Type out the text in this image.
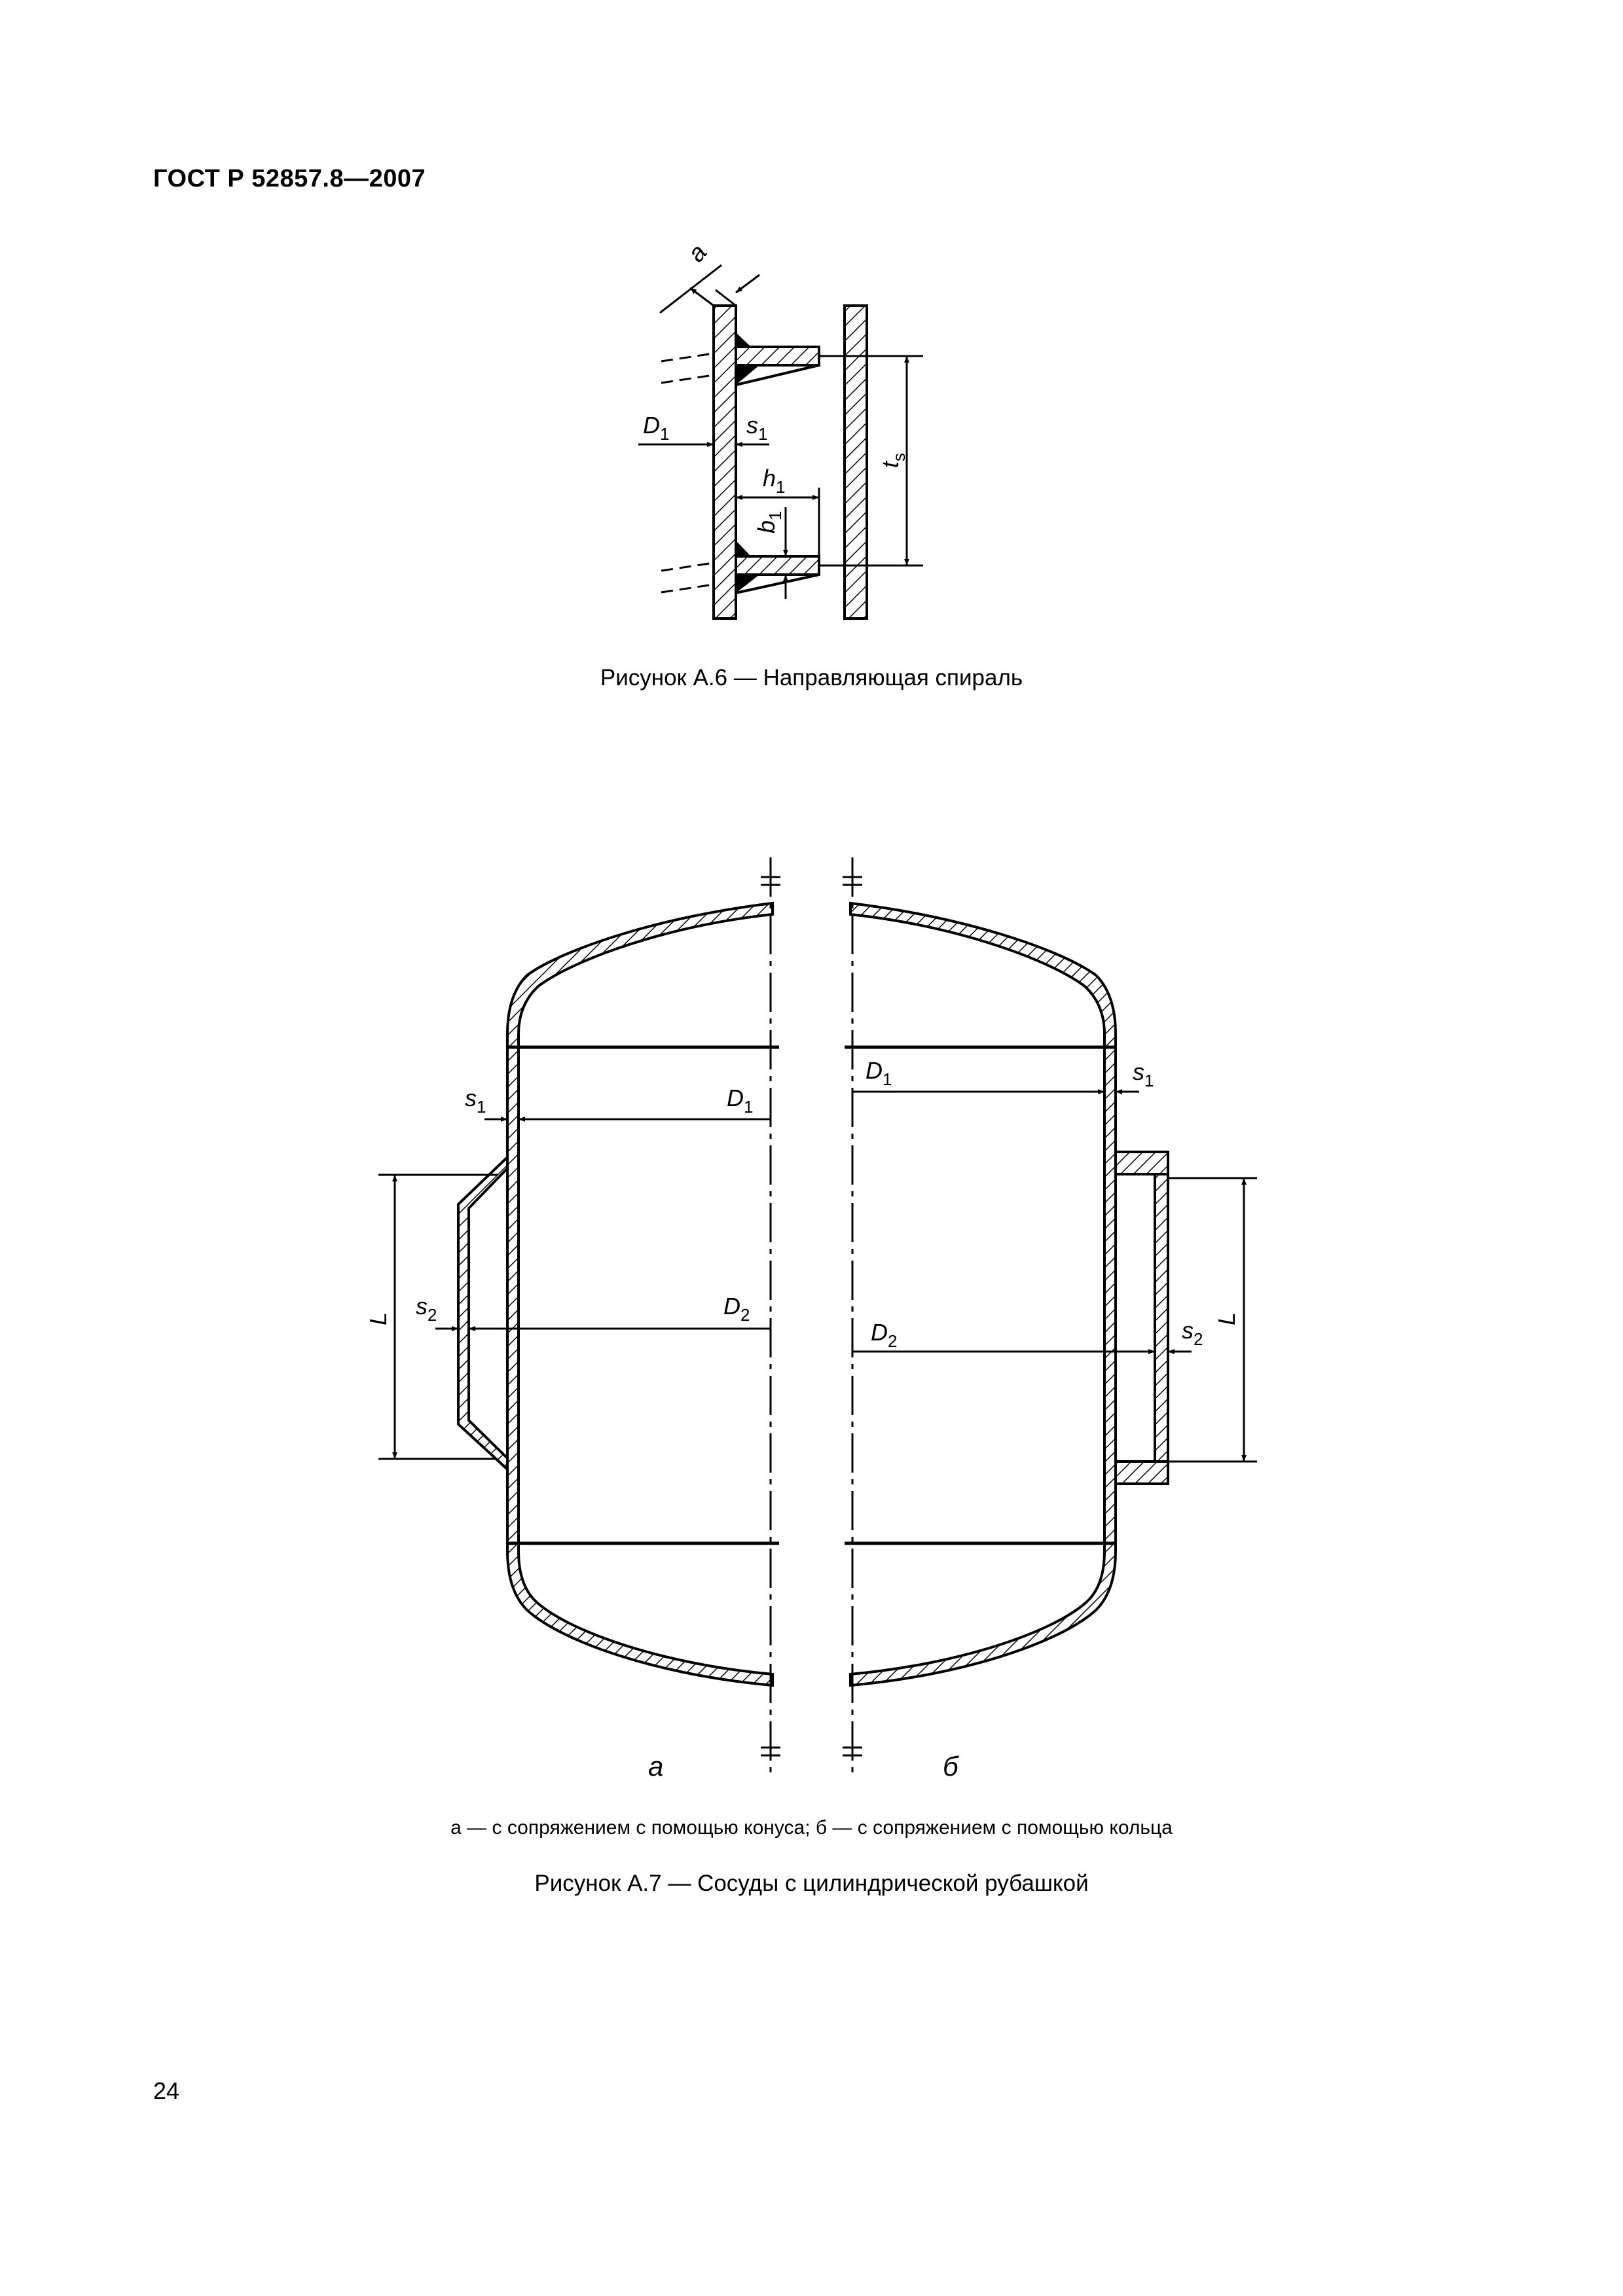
ГОСТ Р 52857.8—2007
a
$D_1$	$s_1$
$h_1$
$b_1$
$t_s$
Рисунок А.6 — Направляющая спираль
L
$s_1$	$D_1$
$s_2$	$D_2$	L
$s_1$
$D_1$
$s_2$
$D_2$
а	б
а — с сопряжением с помощью конуса; б — с сопряжением с помощью кольца
Рисунок А.7 — Сосуды с цилиндрической рубашкой
24
